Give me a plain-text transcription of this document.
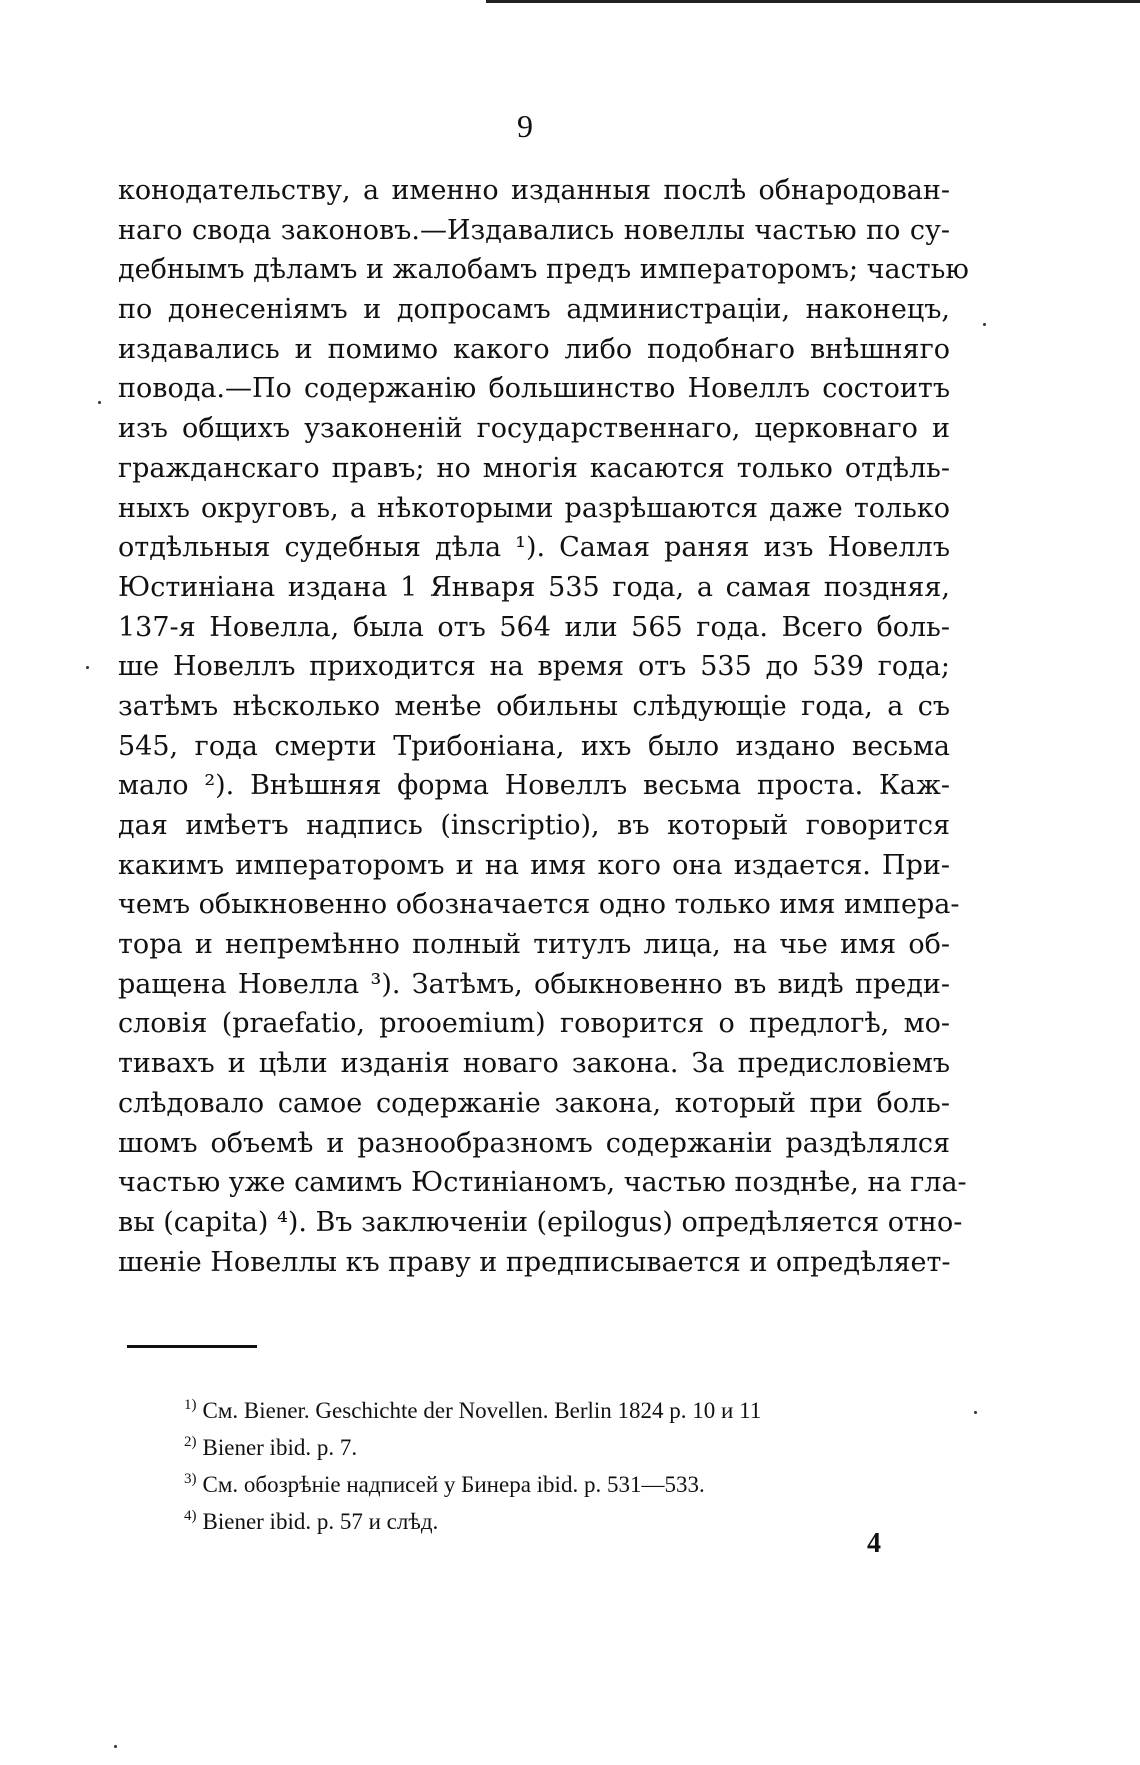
9
конодательству, а именно изданныя послѣ обнародован-
наго свода законовъ.—Издавались новеллы частью по су-
дебнымъ дѣламъ и жалобамъ предъ императоромъ; частью
по донесеніямъ и допросамъ администраціи, наконецъ,
издавались и помимо какого либо подобнаго внѣшняго
повода.—По содержанію большинство Новеллъ состоитъ
изъ общихъ узаконеній государственнаго, церковнаго и
гражданскаго правъ; но многія касаются только отдѣль-
ныхъ округовъ, а нѣкоторыми разрѣшаются даже только
отдѣльныя судебныя дѣла ¹). Самая раняя изъ Новеллъ
Юстиніана издана 1 Января 535 года, а самая поздняя,
137-я Новелла, была отъ 564 или 565 года. Всего боль-
ше Новеллъ приходится на время отъ 535 до 539 года;
затѣмъ нѣсколько менѣе обильны слѣдующіе года, а съ
545, года смерти Трибоніана, ихъ было издано весьма
мало ²). Внѣшняя форма Новеллъ весьма проста. Каж-
дая имѣетъ надпись (inscriptio), въ который говорится
какимъ императоромъ и на имя кого она издается. При-
чемъ обыкновенно обозначается одно только имя импера-
тора и непремѣнно полный титулъ лица, на чье имя об-
ращена Новелла ³). Затѣмъ, обыкновенно въ видѣ преди-
словія (praefatio, prooemium) говорится о предлогѣ, мо-
тивахъ и цѣли изданія новаго закона. За предисловіемъ
слѣдовало самое содержаніе закона, который при боль-
шомъ объемѣ и разнообразномъ содержаніи раздѣлялся
частью уже самимъ Юстиніаномъ, частью позднѣе, на гла-
вы (capita) ⁴). Въ заключеніи (epilogus) опредѣляется отно-
шеніе Новеллы къ праву и предписывается и опредѣляет-
$^{1)}$ См. Biener. Geschichte der Novellen. Berlin 1824 p. 10 и 11
$^{2)}$ Biener ibid. p. 7.
$^{3)}$ См. обозрѣніе надписей у Бинера ibid. p. 531—533.
$^{4)}$ Biener ibid. p. 57 и слѣд.
4
